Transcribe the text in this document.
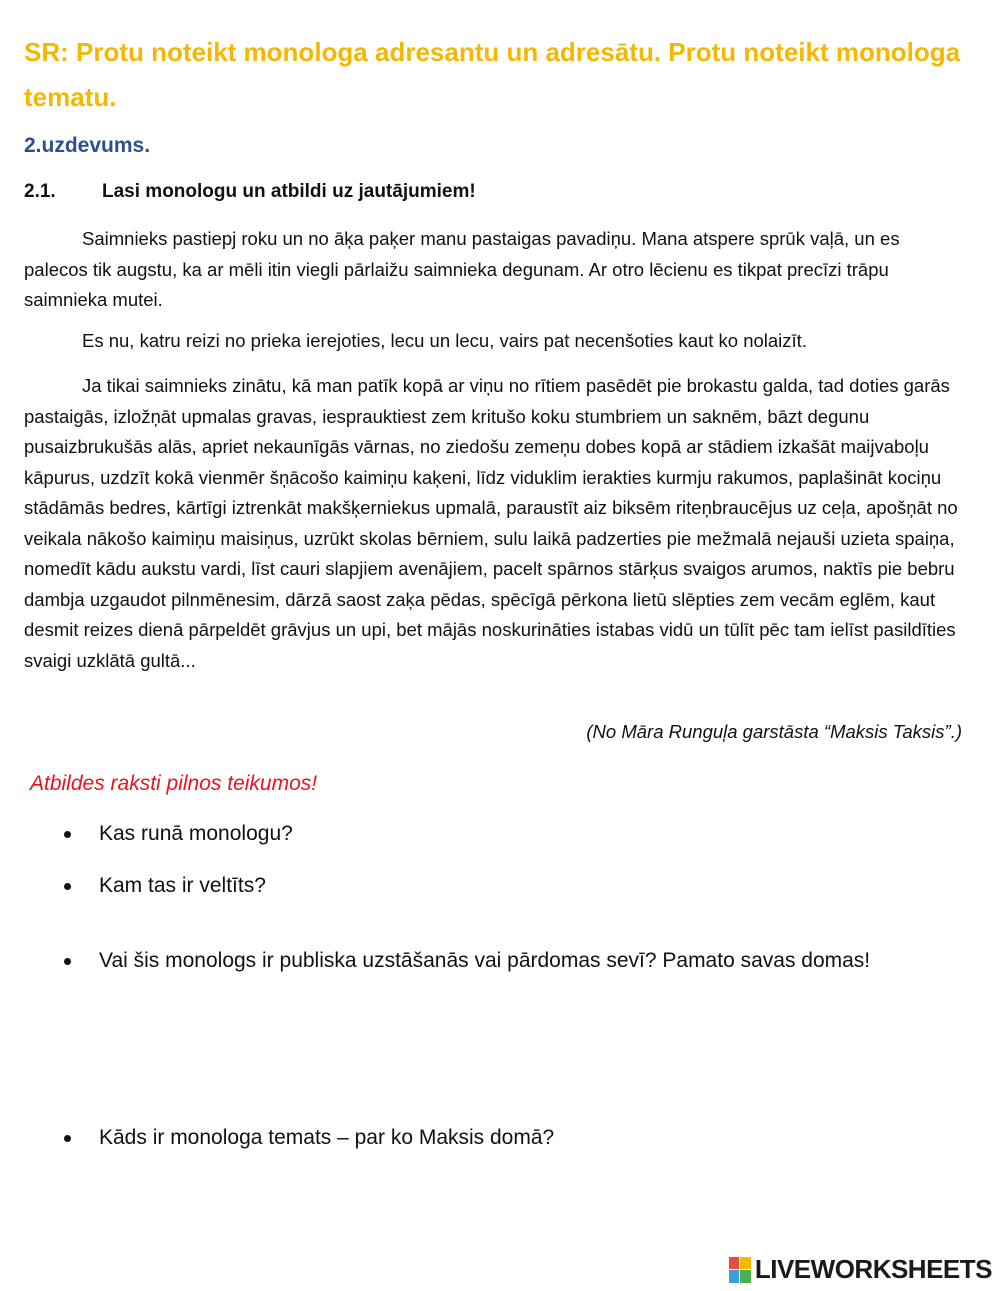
SR: Protu noteikt monologa adresantu un adresātu. Protu noteikt monologa tematu.
2.uzdevums.
2.1. Lasi monologu un atbildi uz jautājumiem!

Saimnieks pastiepj roku un no āķa paķer manu pastaigas pavadiņu. Mana atspere sprūk vaļā, un es palecos tik augstu, ka ar mēli itin viegli pārlaižu saimnieka degunam. Ar otro lēcienu es tikpat precīzi trāpu saimnieka mutei.

Es nu, katru reizi no prieka ierejoties, lecu un lecu, vairs pat necenšoties kaut ko nolaizīt.

Ja tikai saimnieks zinātu, kā man patīk kopā ar viņu no rītiem pasēdēt pie brokastu galda, tad doties garās pastaigās, izložņāt upmalas gravas, iesprauktiest zem kritušo koku stumbriem un saknēm, bāzt degunu pusaizbrukušās alās, apriet nekaunīgās vārnas, no ziedošu zemeņu dobes kopā ar stādiem izkašāt maijvaboļu kāpurus, uzdzīt kokā vienmēr šņācošo kaimiņu kaķeni, līdz viduklim ierakties kurmju rakumos, paplašināt kociņu stādāmās bedres, kārtīgi iztrenkāt makšķerniekus upmalā, paraustīt aiz biksēm riteņbraucējus uz ceļa, apošņāt no veikala nākošo kaimiņu maisiņus, uzrūkt skolas bērniem, sulu laikā padzerties pie mežmalā nejauši uzieta spaiņa, nomedīt kādu aukstu vardi, līst cauri slapjiem avenājiem, pacelt spārnos stārķus svaigos arumos, naktīs pie bebru dambja uzgaudot pilnmēnesim, dārzā saost zaķa pēdas, spēcīgā pērkona lietū slēpties zem vecām eglēm, kaut desmit reizes dienā pārpeldēt grāvjus un upi, bet mājās noskurināties istabas vidū un tūlīt pēc tam ielīst pasildīties svaigi uzklātā gultā...

(No Māra Runguļa garstāsta “Maksis Taksis”.)
Atbildes raksti pilnos teikumos!
Kas runā monologu?
Kam tas ir veltīts?
Vai šis monologs ir publiska uzstāšanās vai pārdomas sevī? Pamato savas domas!
Kāds ir monologa temats – par ko Maksis domā?
LIVEWORKSHEETS
